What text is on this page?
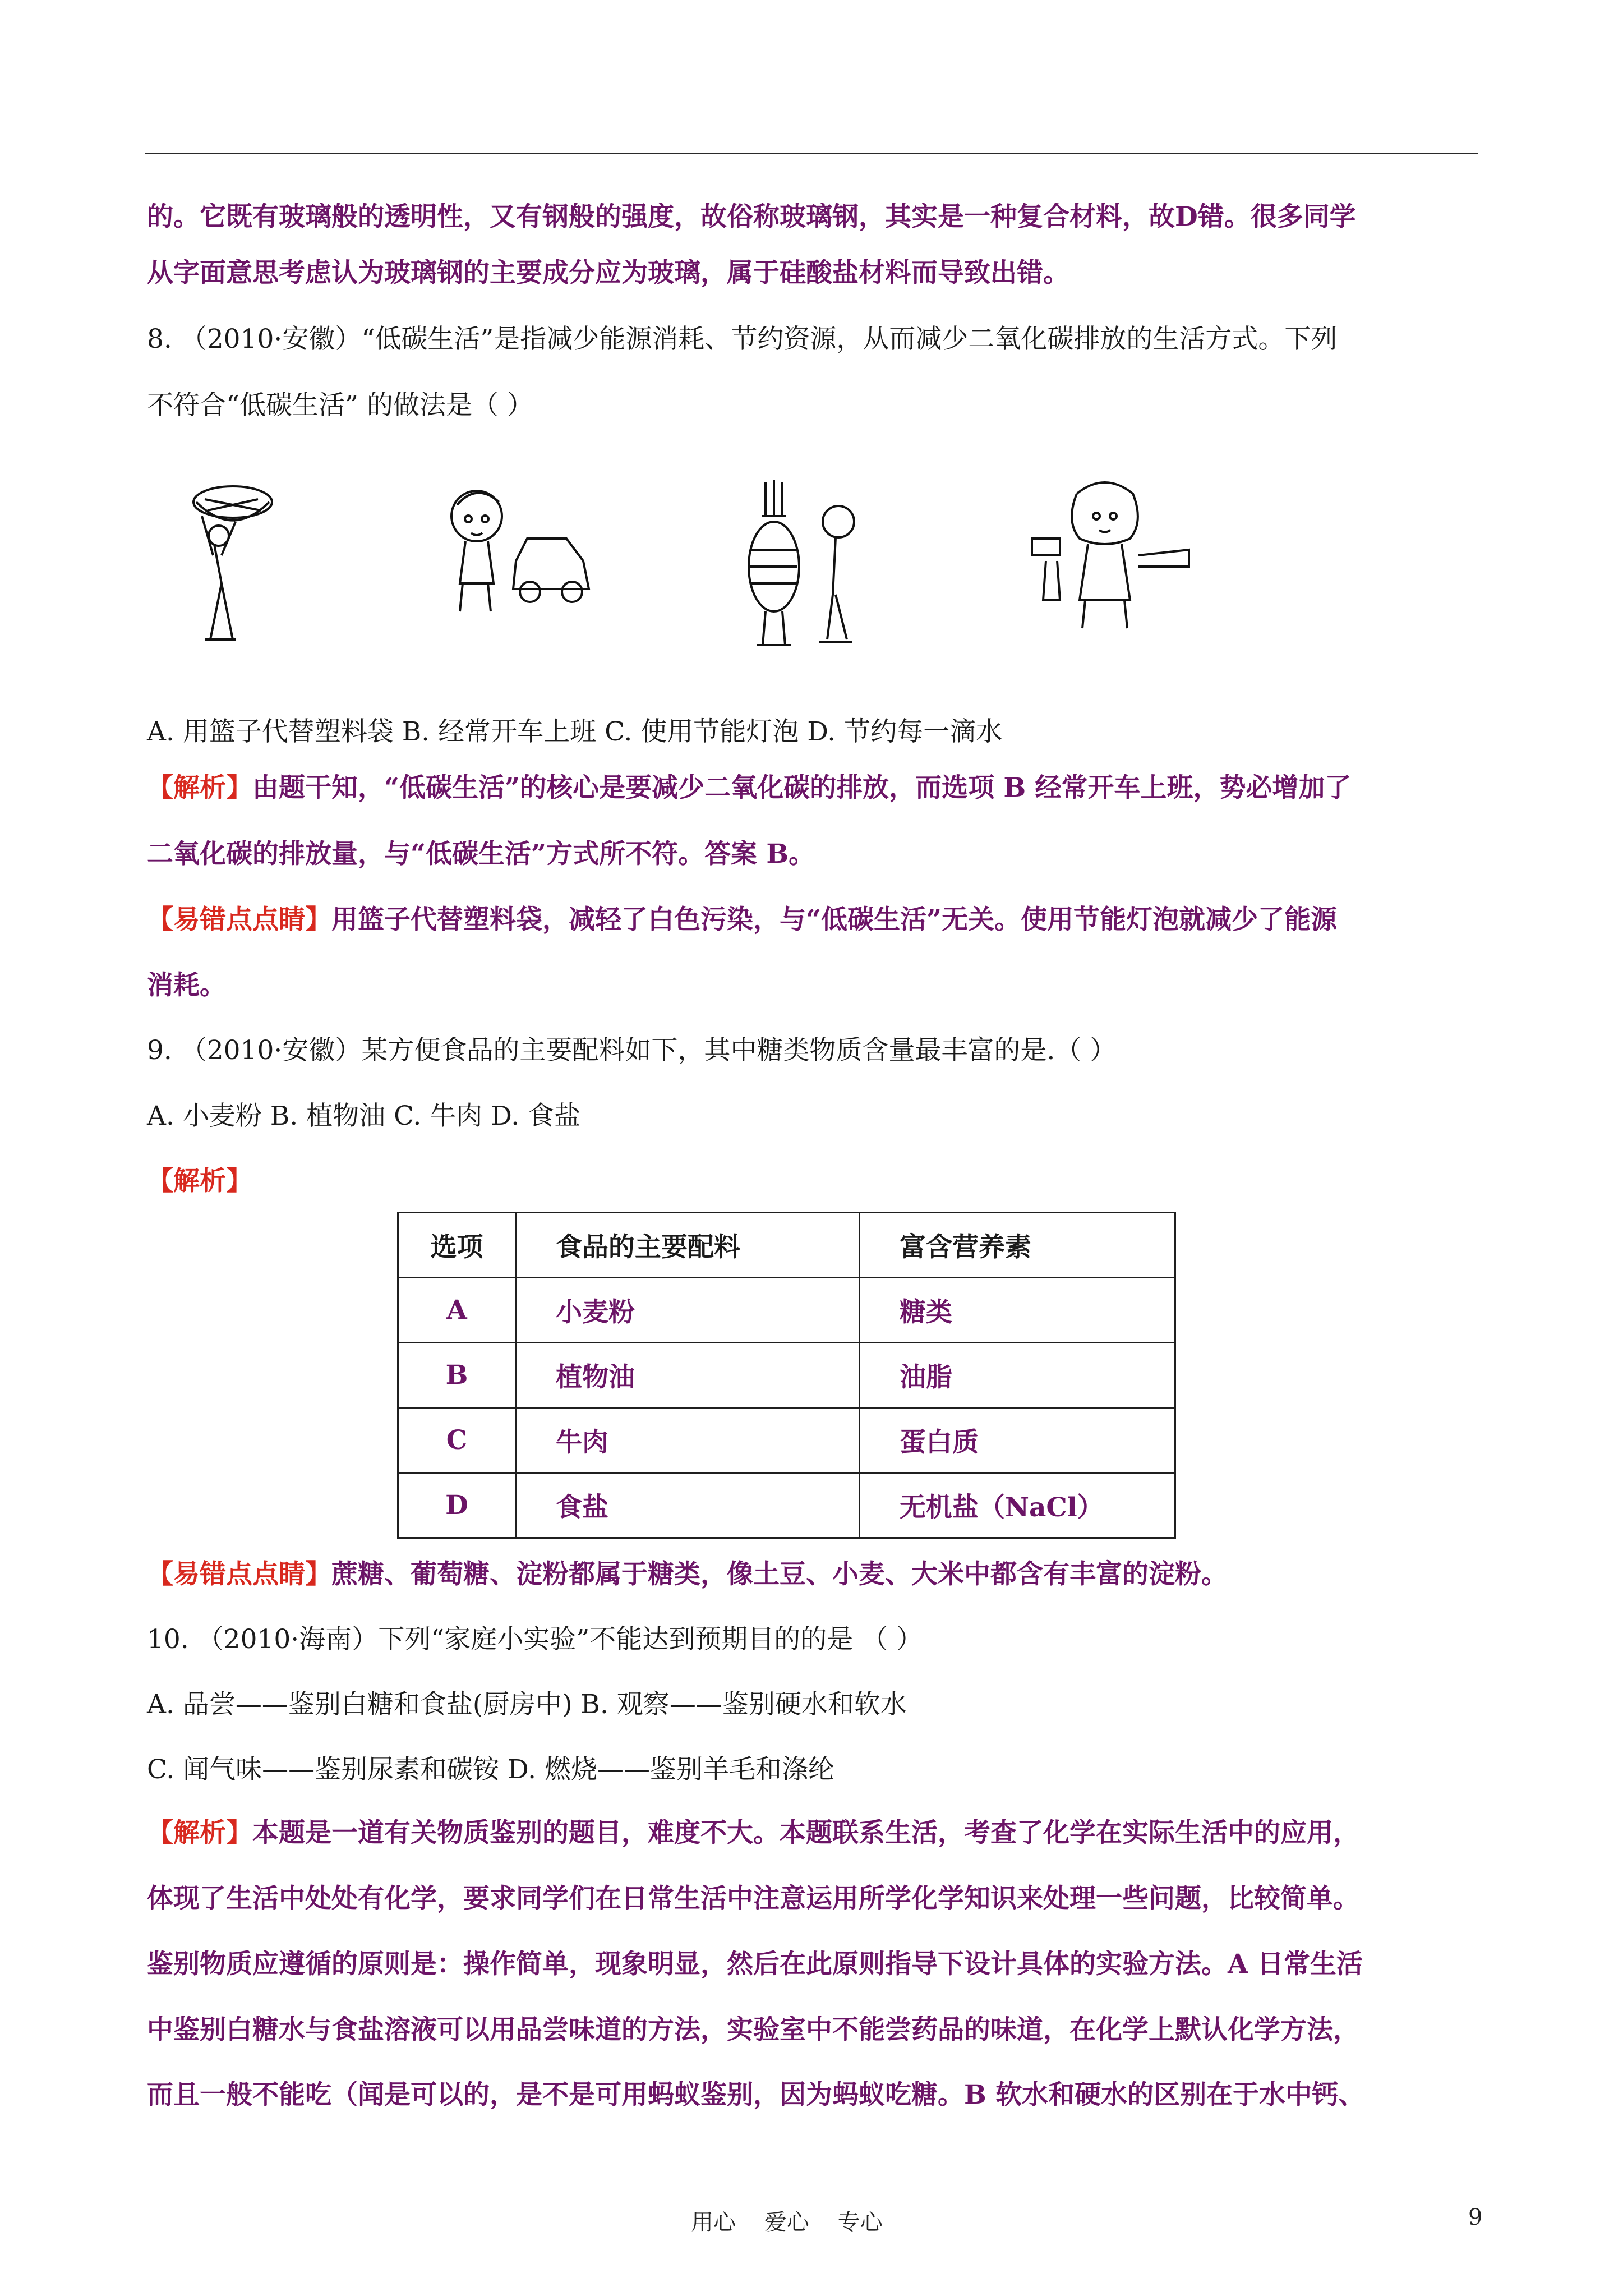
的。它既有玻璃般的透明性，又有钢般的强度，故俗称玻璃钢，其实是一种复合材料，故D错。很多同学
从字面意思考虑认为玻璃钢的主要成分应为玻璃，属于硅酸盐材料而导致出错。
8. （2010·安徽）“低碳生活”是指减少能源消耗、节约资源，从而减少二氧化碳排放的生活方式。下列
不符合“低碳生活” 的做法是（ ）
A. 用篮子代替塑料袋 B. 经常开车上班 C. 使用节能灯泡 D. 节约每一滴水
【解析】由题干知，“低碳生活”的核心是要减少二氧化碳的排放，而选项 B 经常开车上班，势必增加了
二氧化碳的排放量，与“低碳生活”方式所不符。答案 B。
【易错点点睛】用篮子代替塑料袋，减轻了白色污染，与“低碳生活”无关。使用节能灯泡就减少了能源
消耗。
9. （2010·安徽）某方便食品的主要配料如下，其中糖类物质含量最丰富的是.（ ）
A. 小麦粉 B. 植物油 C. 牛肉 D. 食盐
【解析】
选项	食品的主要配料	富含营养素
A	小麦粉	糖类
B	植物油	油脂
C	牛肉	蛋白质
D	食盐	无机盐（NaCl）
【易错点点睛】蔗糖、葡萄糖、淀粉都属于糖类，像土豆、小麦、大米中都含有丰富的淀粉。
10. （2010·海南）下列“家庭小实验”不能达到预期目的的是 （ ）
A. 品尝——鉴别白糖和食盐(厨房中) B. 观察——鉴别硬水和软水
C. 闻气味——鉴别尿素和碳铵 D. 燃烧——鉴别羊毛和涤纶
【解析】本题是一道有关物质鉴别的题目，难度不大。本题联系生活，考查了化学在实际生活中的应用，
体现了生活中处处有化学，要求同学们在日常生活中注意运用所学化学知识来处理一些问题，比较简单。
鉴别物质应遵循的原则是：操作简单，现象明显，然后在此原则指导下设计具体的实验方法。A 日常生活
中鉴别白糖水与食盐溶液可以用品尝味道的方法，实验室中不能尝药品的味道，在化学上默认化学方法，
而且一般不能吃（闻是可以的，是不是可用蚂蚁鉴别，因为蚂蚁吃糖。B 软水和硬水的区别在于水中钙、
用心    爱心    专心	9
